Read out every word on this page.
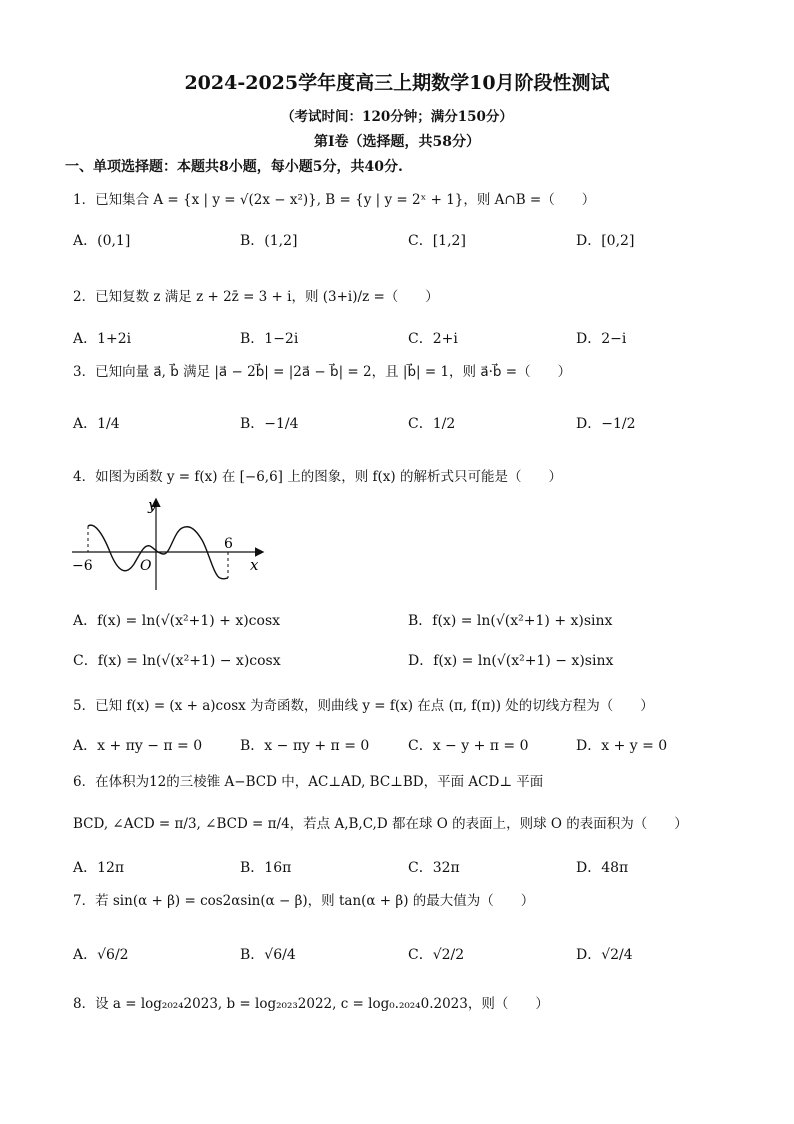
2024-2025学年度高三上期数学10月阶段性测试
（考试时间：120分钟；满分150分）
第Ⅰ卷（选择题，共58分）
一、单项选择题：本题共8小题，每小题5分，共40分.
1．已知集合 A = {x | y = √(2x − x²)}, B = {y | y = 2ˣ + 1}，则 A∩B =（　　）
A．(0,1]	B．(1,2]	C．[1,2]	D．[0,2]
2．已知复数 z 满足 z + 2z̄ = 3 + i，则 (3+i)/z =（　　）
A．1+2i	B．1−2i	C．2+i	D．2−i
3．已知向量 a⃗, b⃗ 满足 |a⃗ − 2b⃗| = |2a⃗ − b⃗| = 2，且 |b⃗| = 1，则 a⃗·b⃗ =（　　）
A．1/4	B．−1/4	C．1/2	D．−1/2
4．如图为函数 y = f(x) 在 [−6,6] 上的图象，则 f(x) 的解析式只可能是（　　）
y
x
O
−6
6
A．f(x) = ln(√(x²+1) + x)cosx	B．f(x) = ln(√(x²+1) + x)sinx
C．f(x) = ln(√(x²+1) − x)cosx	D．f(x) = ln(√(x²+1) − x)sinx
5．已知 f(x) = (x + a)cosx 为奇函数，则曲线 y = f(x) 在点 (π, f(π)) 处的切线方程为（　　）
A．x + πy − π = 0	B．x − πy + π = 0	C．x − y + π = 0	D．x + y = 0
6．在体积为12的三棱锥 A−BCD 中，AC⊥AD, BC⊥BD，平面 ACD⊥ 平面
BCD, ∠ACD = π/3, ∠BCD = π/4，若点 A,B,C,D 都在球 O 的表面上，则球 O 的表面积为（　　）
A．12π	B．16π	C．32π	D．48π
7．若 sin(α + β) = cos2αsin(α − β)，则 tan(α + β) 的最大值为（　　）
A．√6/2	B．√6/4	C．√2/2	D．√2/4
8．设 a = log₂₀₂₄2023, b = log₂₀₂₃2022, c = log₀.₂₀₂₄0.2023，则（　　）
